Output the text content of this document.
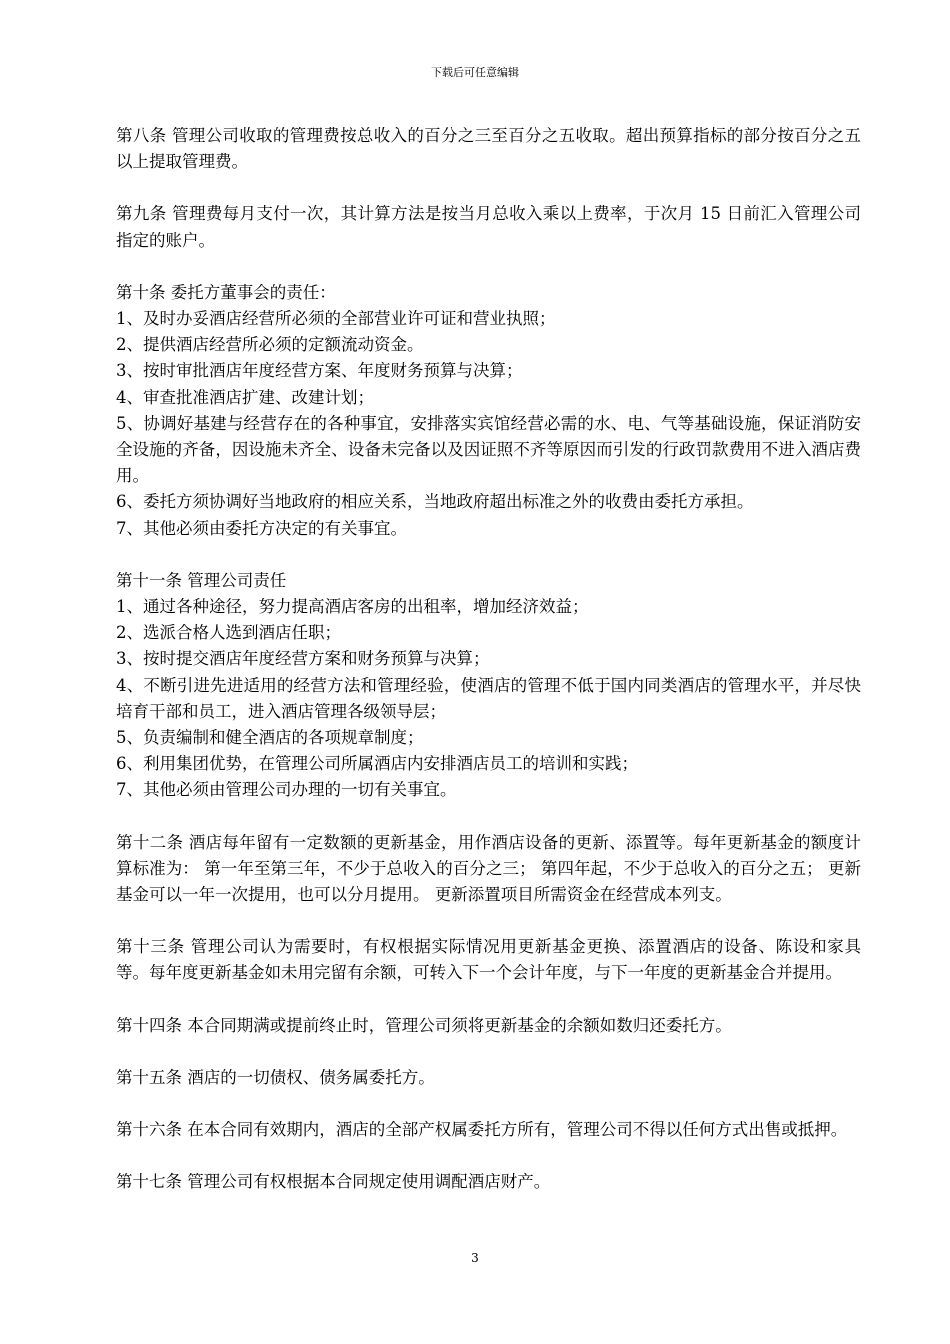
下载后可任意编辑

第八条 管理公司收取的管理费按总收入的百分之三至百分之五收取。超出预算指标的部分按百分之五以上提取管理费。

第九条 管理费每月支付一次，其计算方法是按当月总收入乘以上费率，于次月 15 日前汇入管理公司指定的账户。

第十条 委托方董事会的责任：

1、及时办妥酒店经营所必须的全部营业许可证和营业执照；

2、提供酒店经营所必须的定额流动资金。

3、按时审批酒店年度经营方案、年度财务预算与决算；

4、审查批准酒店扩建、改建计划；

5、协调好基建与经营存在的各种事宜，安排落实宾馆经营必需的水、电、气等基础设施，保证消防安全设施的齐备，因设施未齐全、设备未完备以及因证照不齐等原因而引发的行政罚款费用不进入酒店费用。

6、委托方须协调好当地政府的相应关系，当地政府超出标准之外的收费由委托方承担。

7、其他必须由委托方决定的有关事宜。

第十一条 管理公司责任

1、通过各种途径，努力提高酒店客房的出租率，增加经济效益；

2、选派合格人选到酒店任职；

3、按时提交酒店年度经营方案和财务预算与决算；

4、不断引进先进适用的经营方法和管理经验，使酒店的管理不低于国内同类酒店的管理水平，并尽快培育干部和员工，进入酒店管理各级领导层；

5、负责编制和健全酒店的各项规章制度；

6、利用集团优势，在管理公司所属酒店内安排酒店员工的培训和实践；

7、其他必须由管理公司办理的一切有关事宜。

第十二条 酒店每年留有一定数额的更新基金，用作酒店设备的更新、添置等。每年更新基金的额度计算标准为： 第一年至第三年，不少于总收入的百分之三； 第四年起，不少于总收入的百分之五； 更新基金可以一年一次提用，也可以分月提用。 更新添置项目所需资金在经营成本列支。

第十三条 管理公司认为需要时，有权根据实际情况用更新基金更换、添置酒店的设备、陈设和家具等。每年度更新基金如未用完留有余额，可转入下一个会计年度，与下一年度的更新基金合并提用。

第十四条 本合同期满或提前终止时，管理公司须将更新基金的余额如数归还委托方。

第十五条 酒店的一切债权、债务属委托方。

第十六条 在本合同有效期内，酒店的全部产权属委托方所有，管理公司不得以任何方式出售或抵押。

第十七条 管理公司有权根据本合同规定使用调配酒店财产。

3
